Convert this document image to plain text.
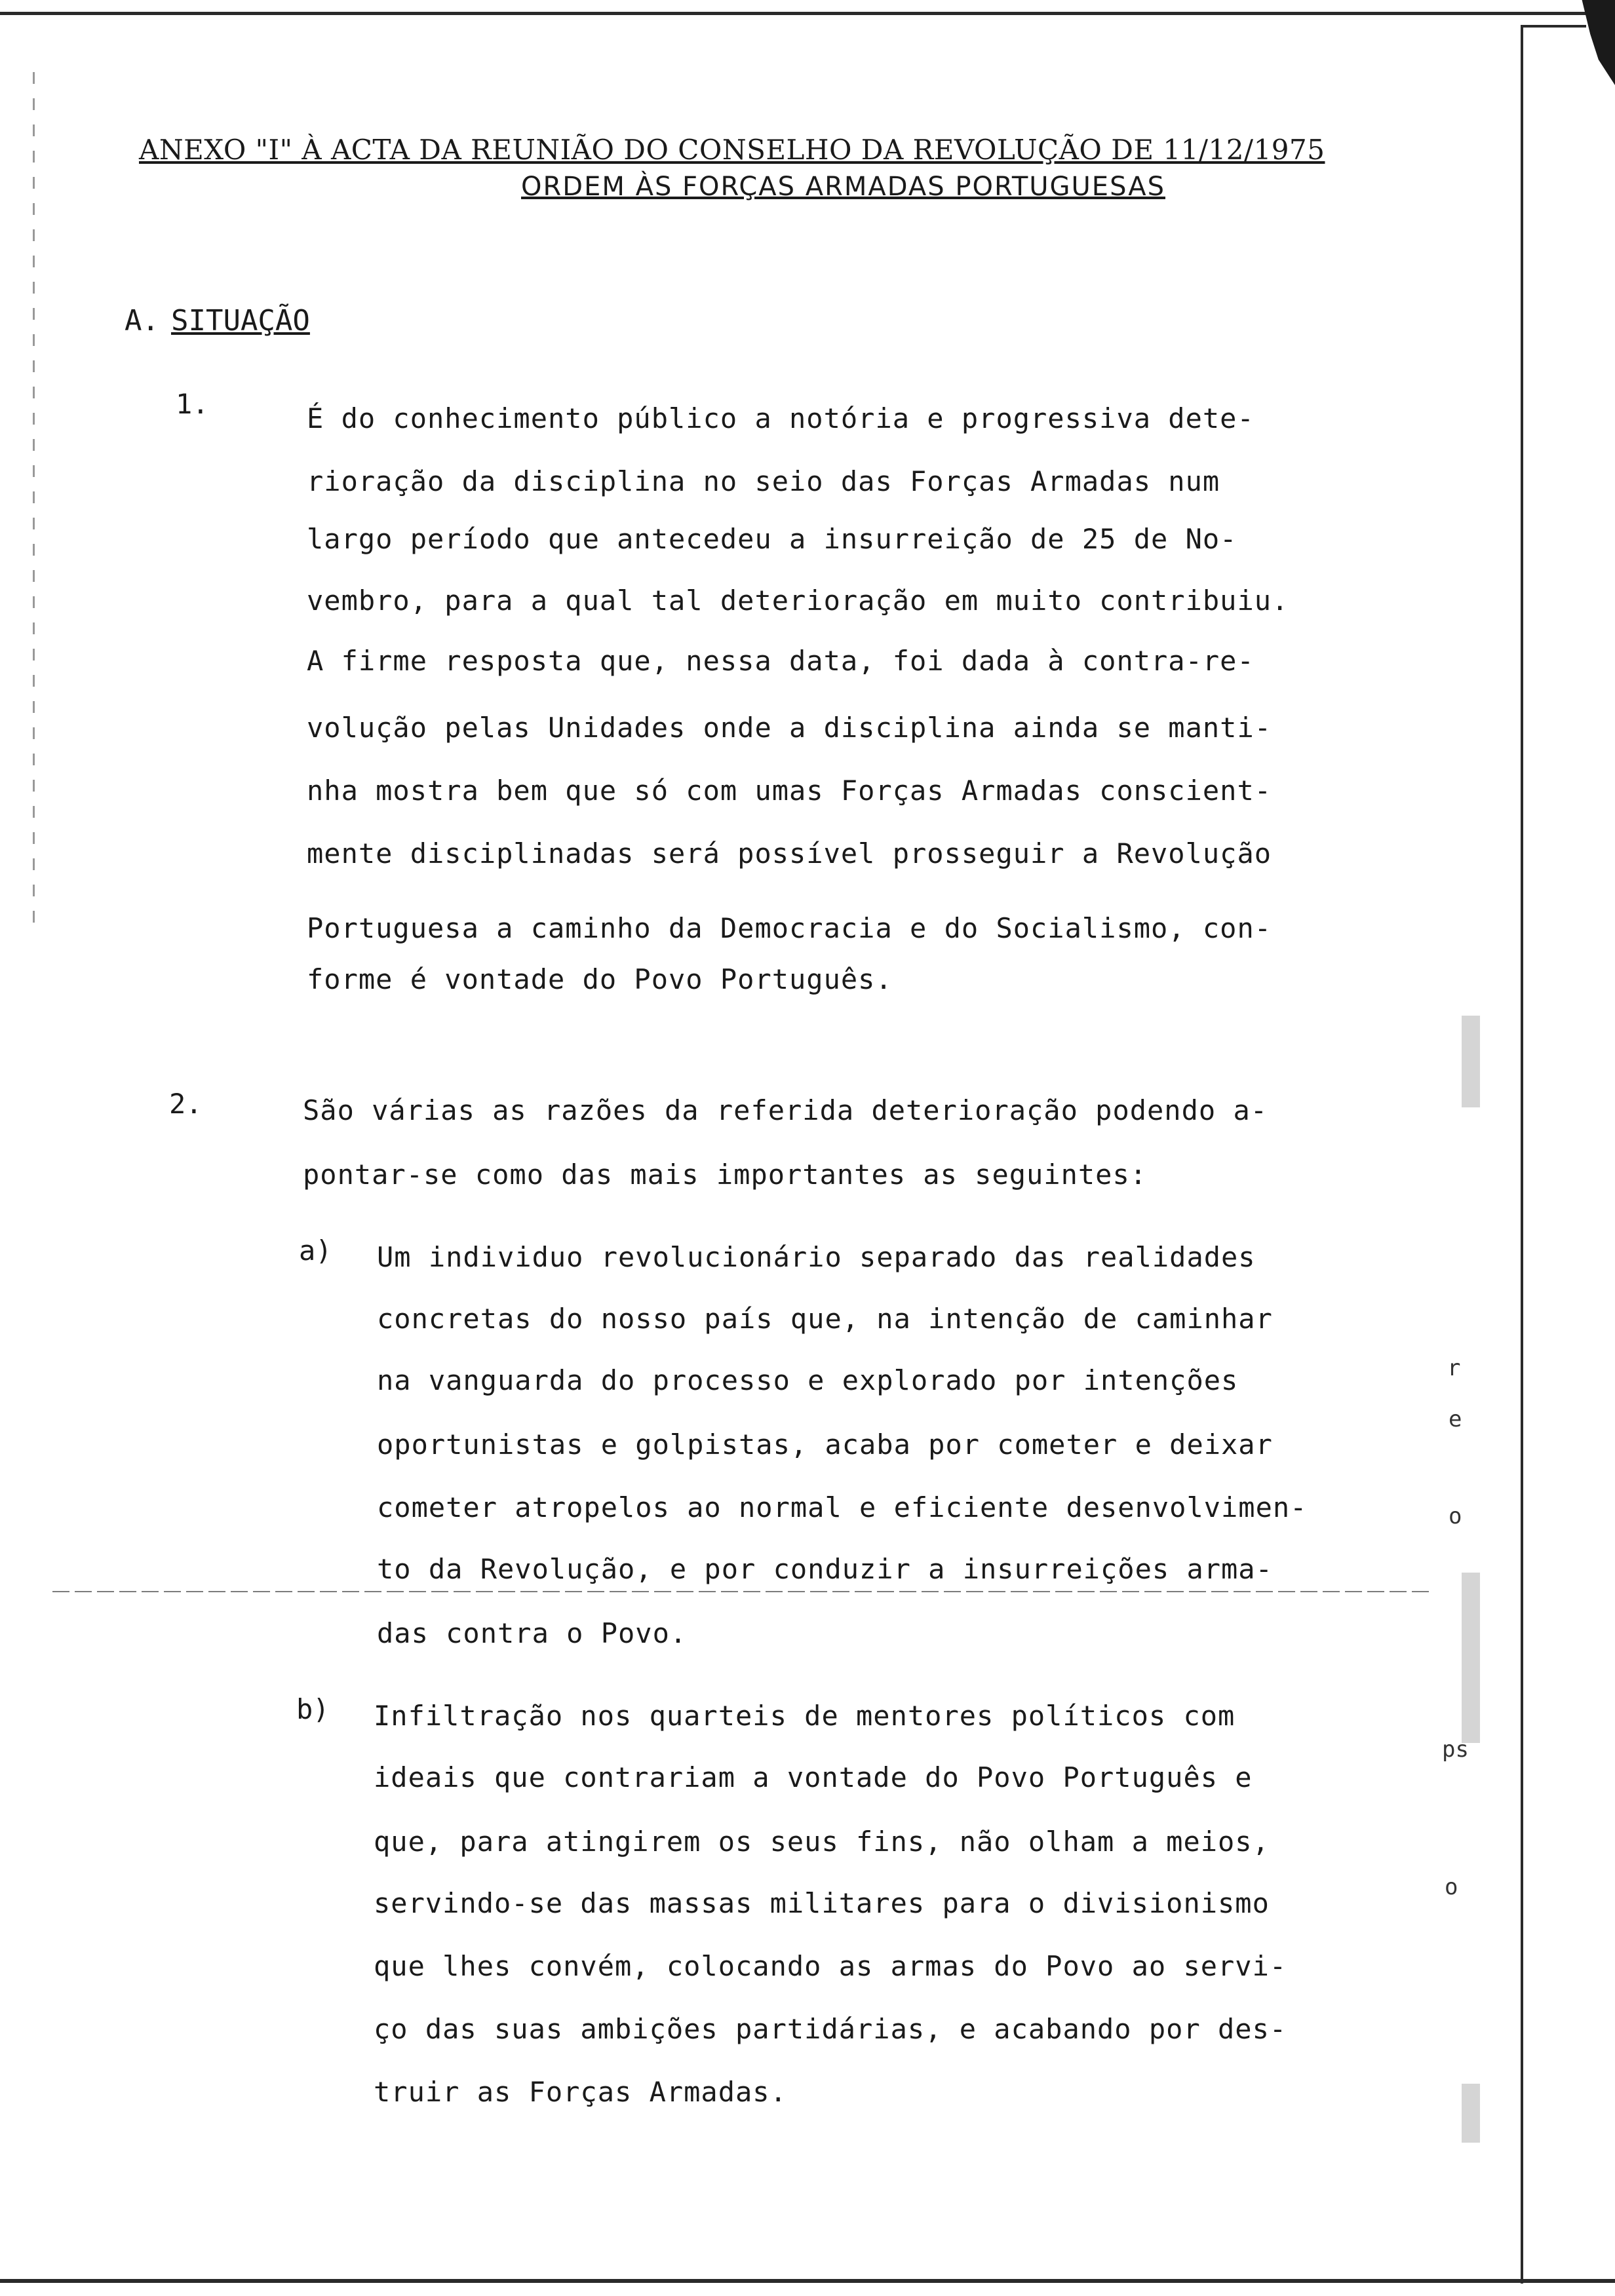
ANEXO "I" À ACTA DA REUNIÃO DO CONSELHO DA REVOLUÇÃO DE 11/12/1975
ORDEM ÀS FORÇAS ARMADAS PORTUGUESAS
A. SITUAÇÃO
1.	É do conhecimento público a notória e progressiva dete-
rioração da disciplina no seio das Forças Armadas num
largo período que antecedeu a insurreição de 25 de No-
vembro, para a qual tal deterioração em muito contribuiu.
A firme resposta que, nessa data, foi dada à contra-re-
volução pelas Unidades onde a disciplina ainda se manti-
nha mostra bem que só com umas Forças Armadas conscient-
mente disciplinadas será possível prosseguir a Revolução
Portuguesa a caminho da Democracia e do Socialismo, con-
forme é vontade do Povo Português.
2.	São várias as razões da referida deterioração podendo a-
pontar-se como das mais importantes as seguintes:
a) Um individuo revolucionário separado das realidades
concretas do nosso país que, na intenção de caminhar
na vanguarda do processo e explorado por intenções
oportunistas e golpistas, acaba por cometer e deixar
cometer atropelos ao normal e eficiente desenvolvimen-
to da Revolução, e por conduzir a insurreições arma-
das contra o Povo.
b) Infiltração nos quarteis de mentores políticos com
ideais que contrariam a vontade do Povo Português e
que, para atingirem os seus fins, não olham a meios,
servindo-se das massas militares para o divisionismo
que lhes convém, colocando as armas do Povo ao servi-
ço das suas ambições partidárias, e acabando por des-
truir as Forças Armadas.
r
e
o
ps
o
